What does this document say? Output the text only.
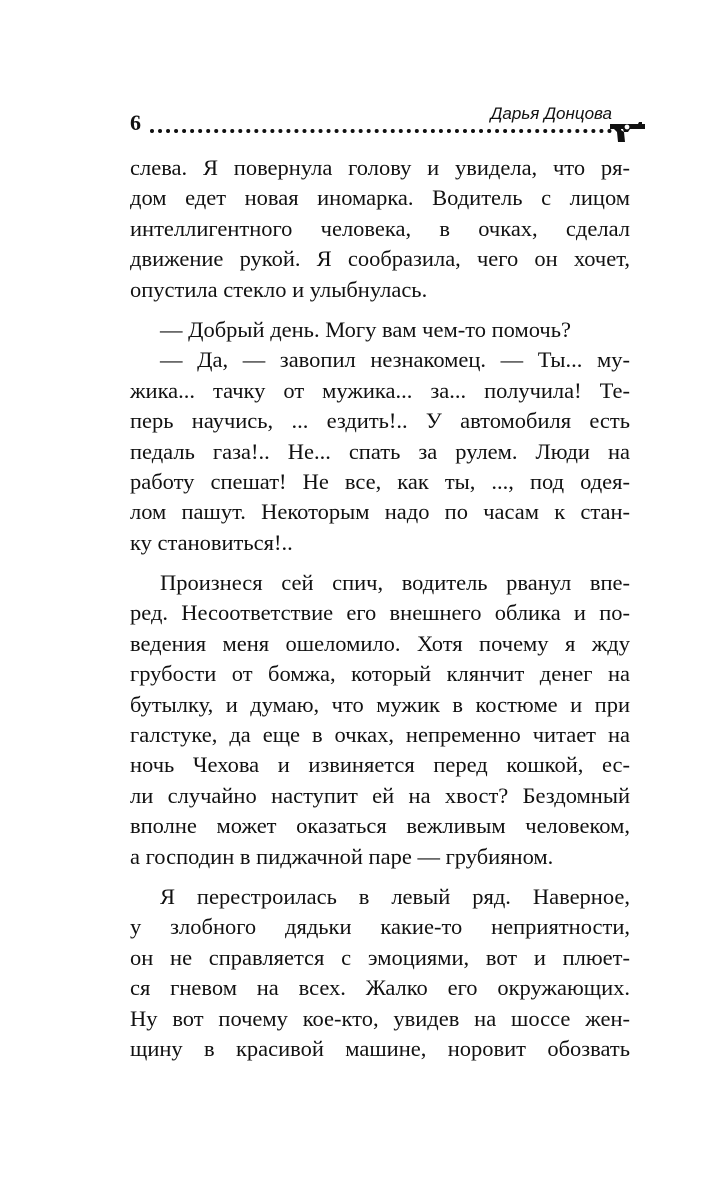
6	Дарья Донцова

слева. Я повернула голову и увидела, что ря-
дом едет новая иномарка. Водитель с лицом
интеллигентного человека, в очках, сделал
движение рукой. Я сообразила, чего он хочет,
опустила стекло и улыбнулась.

— Добрый день. Могу вам чем-то помочь?

— Да, — завопил незнакомец. — Ты... му-
жика... тачку от мужика... за... получила! Те-
перь научись, ... ездить!.. У автомобиля есть
педаль газа!.. Не... спать за рулем. Люди на
работу спешат! Не все, как ты, ..., под одея-
лом пашут. Некоторым надо по часам к стан-
ку становиться!..

Произнеся сей спич, водитель рванул впе-
ред. Несоответствие его внешнего облика и по-
ведения меня ошеломило. Хотя почему я жду
грубости от бомжа, который клянчит денег на
бутылку, и думаю, что мужик в костюме и при
галстуке, да еще в очках, непременно читает на
ночь Чехова и извиняется перед кошкой, ес-
ли случайно наступит ей на хвост? Бездомный
вполне может оказаться вежливым человеком,
а господин в пиджачной паре — грубияном.

Я перестроилась в левый ряд. Наверное,
у злобного дядьки какие-то неприятности,
он не справляется с эмоциями, вот и плюет-
ся гневом на всех. Жалко его окружающих.
Ну вот почему кое-кто, увидев на шоссе жен-
щину в красивой машине, норовит обозвать
